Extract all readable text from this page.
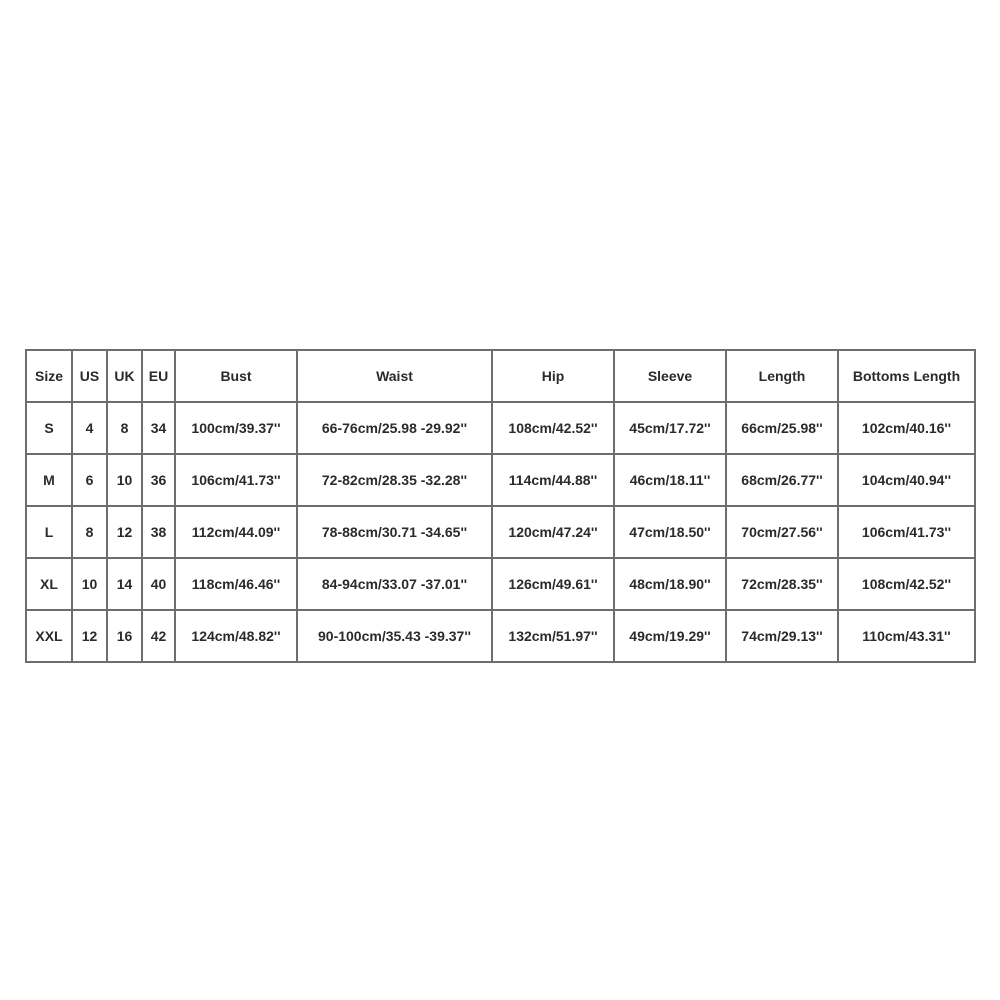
Size	US	UK	EU	Bust	Waist	Hip	Sleeve	Length	Bottoms Length
S	4	8	34	100cm/39.37''	66-76cm/25.98 -29.92''	108cm/42.52''	45cm/17.72''	66cm/25.98''	102cm/40.16''
M	6	10	36	106cm/41.73''	72-82cm/28.35 -32.28''	114cm/44.88''	46cm/18.11''	68cm/26.77''	104cm/40.94''
L	8	12	38	112cm/44.09''	78-88cm/30.71 -34.65''	120cm/47.24''	47cm/18.50''	70cm/27.56''	106cm/41.73''
XL	10	14	40	118cm/46.46''	84-94cm/33.07 -37.01''	126cm/49.61''	48cm/18.90''	72cm/28.35''	108cm/42.52''
XXL	12	16	42	124cm/48.82''	90-100cm/35.43 -39.37''	132cm/51.97''	49cm/19.29''	74cm/29.13''	110cm/43.31''
